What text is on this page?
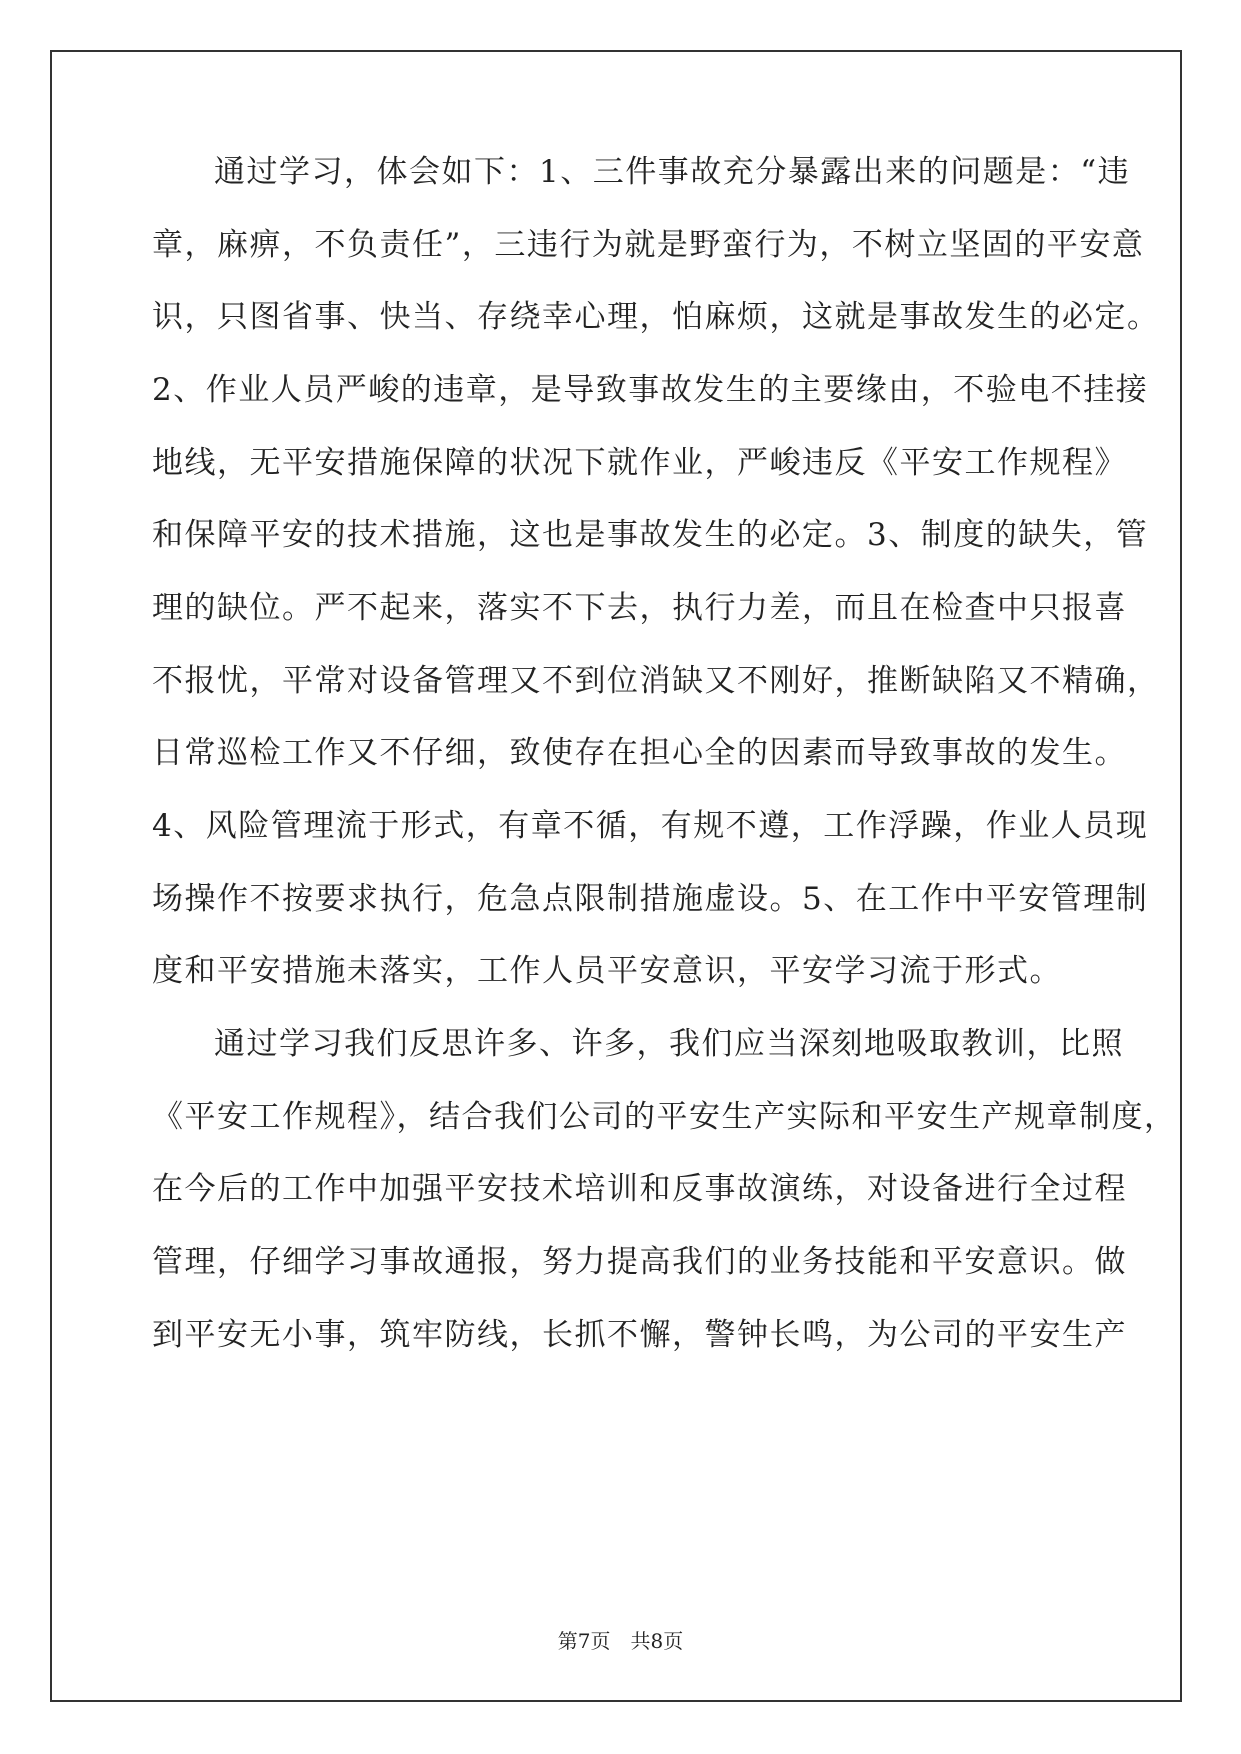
通过学习，体会如下：1、三件事故充分暴露出来的问题是：“违
章，麻痹，不负责任”，三违行为就是野蛮行为，不树立坚固的平安意
识，只图省事、快当、存绕幸心理，怕麻烦，这就是事故发生的必定。
2、作业人员严峻的违章，是导致事故发生的主要缘由，不验电不挂接
地线，无平安措施保障的状况下就作业，严峻违反《平安工作规程》
和保障平安的技术措施，这也是事故发生的必定。3、制度的缺失，管
理的缺位。严不起来，落实不下去，执行力差，而且在检查中只报喜
不报忧，平常对设备管理又不到位消缺又不刚好，推断缺陷又不精确，
日常巡检工作又不仔细，致使存在担心全的因素而导致事故的发生。
4、风险管理流于形式，有章不循，有规不遵，工作浮躁，作业人员现
场操作不按要求执行，危急点限制措施虚设。5、在工作中平安管理制
度和平安措施未落实，工作人员平安意识，平安学习流于形式。
通过学习我们反思许多、许多，我们应当深刻地吸取教训，比照
《平安工作规程》，结合我们公司的平安生产实际和平安生产规章制度，
在今后的工作中加强平安技术培训和反事故演练，对设备进行全过程
管理，仔细学习事故通报，努力提高我们的业务技能和平安意识。做
到平安无小事，筑牢防线，长抓不懈，警钟长鸣，为公司的平安生产
第7页　共8页
